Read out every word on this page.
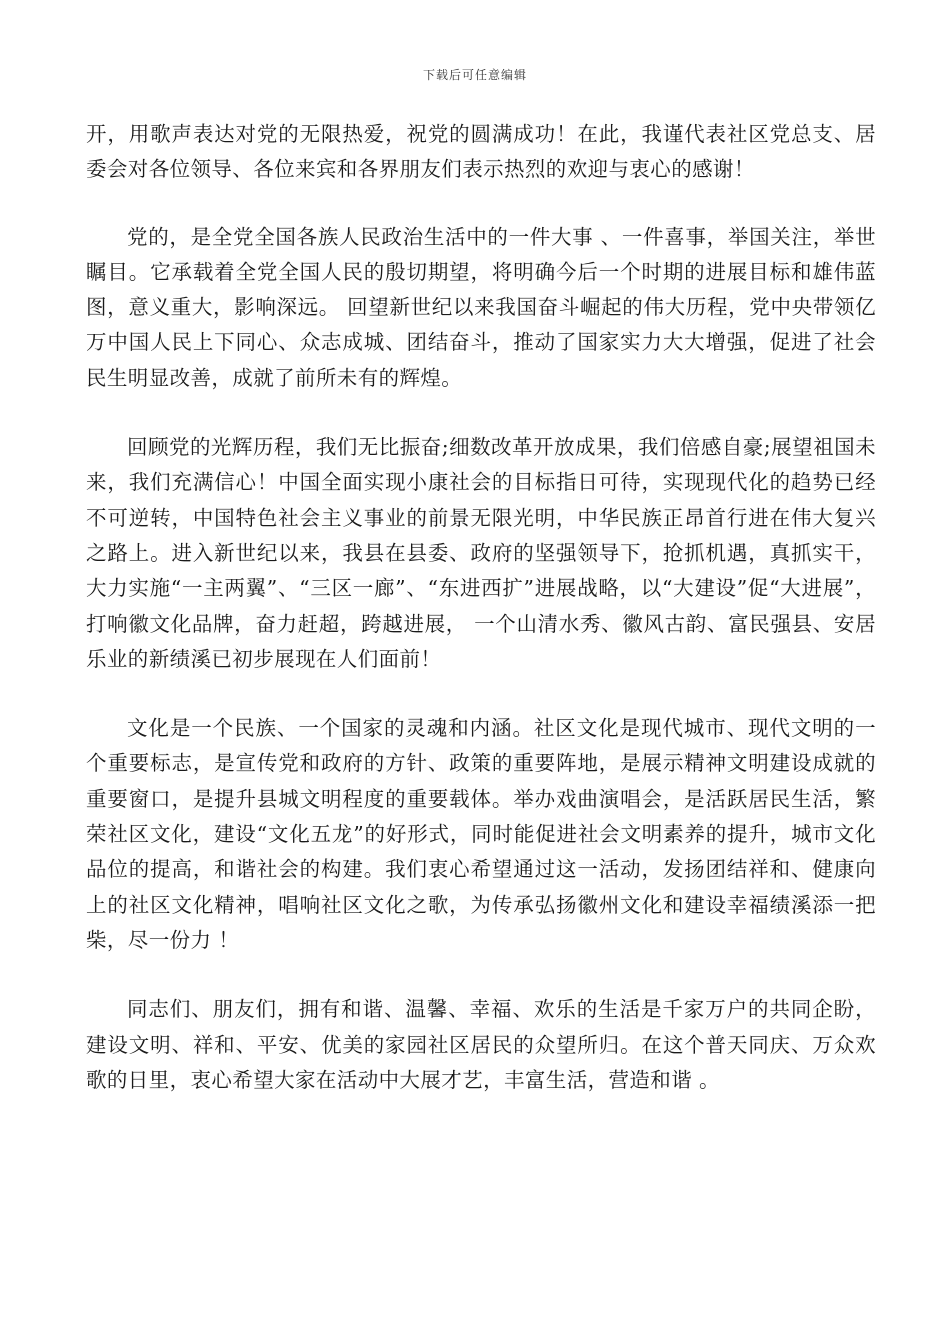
下载后可任意编辑

开，用歌声表达对党的无限热爱，祝党的圆满成功！在此，我谨代表社区党总支、居委会对各位领导、各位来宾和各界朋友们表示热烈的欢迎与衷心的感谢！

党的，是全党全国各族人民政治生活中的一件大事 、一件喜事，举国关注，举世瞩目。它承载着全党全国人民的殷切期望，将明确今后一个时期的进展目标和雄伟蓝图，意义重大，影响深远。 回望新世纪以来我国奋斗崛起的伟大历程，党中央带领亿万中国人民上下同心、众志成城、团结奋斗，推动了国家实力大大增强，促进了社会民生明显改善，成就了前所未有的辉煌。

回顾党的光辉历程，我们无比振奋;细数改革开放成果，我们倍感自豪;展望祖国未来，我们充满信心！中国全面实现小康社会的目标指日可待，实现现代化的趋势已经不可逆转，中国特色社会主义事业的前景无限光明，中华民族正昂首行进在伟大复兴之路上。进入新世纪以来，我县在县委、政府的坚强领导下，抢抓机遇，真抓实干，大力实施“一主两翼”、“三区一廊”、“东进西扩”进展战略，以“大建设”促“大进展”，打响徽文化品牌，奋力赶超，跨越进展， 一个山清水秀、徽风古韵、富民强县、安居乐业的新绩溪已初步展现在人们面前！

文化是一个民族、一个国家的灵魂和内涵。社区文化是现代城市、现代文明的一个重要标志，是宣传党和政府的方针、政策的重要阵地，是展示精神文明建设成就的重要窗口，是提升县城文明程度的重要载体。举办戏曲演唱会，是活跃居民生活，繁荣社区文化，建设“文化五龙”的好形式，同时能促进社会文明素养的提升，城市文化品位的提高，和谐社会的构建。我们衷心希望通过这一活动，发扬团结祥和、健康向上的社区文化精神，唱响社区文化之歌，为传承弘扬徽州文化和建设幸福绩溪添一把柴，尽一份力 ！

同志们、朋友们，拥有和谐、温馨、幸福、欢乐的生活是千家万户的共同企盼，建设文明、祥和、平安、优美的家园社区居民的众望所归。在这个普天同庆、万众欢歌的日里，衷心希望大家在活动中大展才艺，丰富生活，营造和谐 。
